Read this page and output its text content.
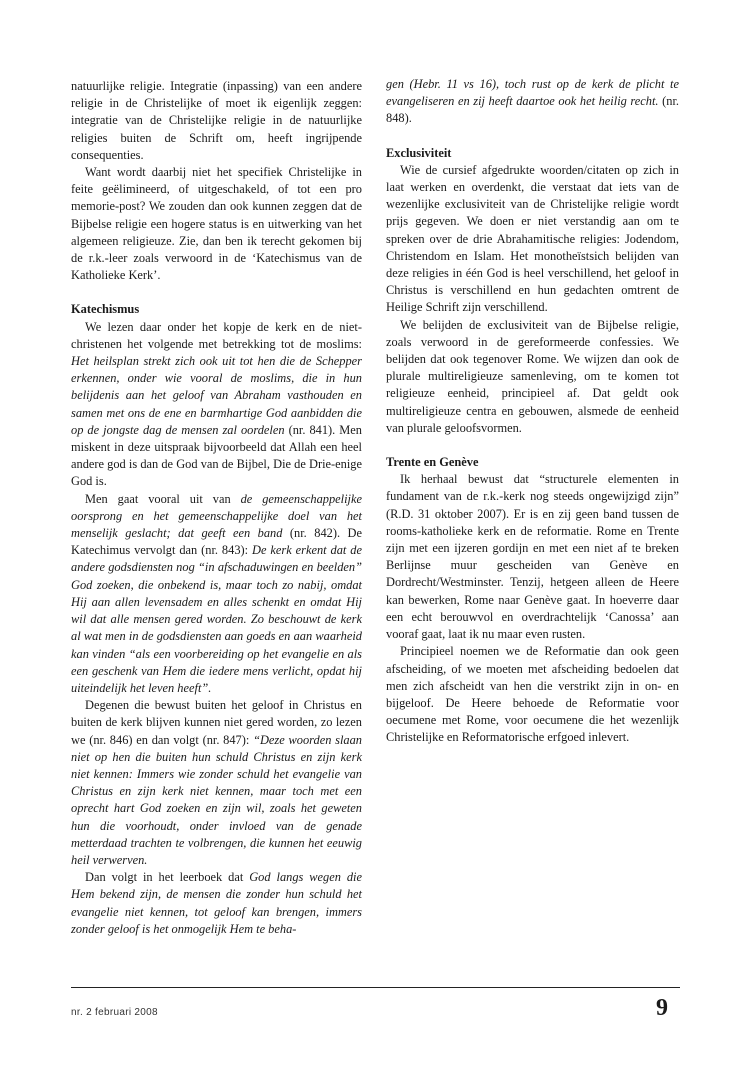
natuurlijke religie. Integratie (inpassing) van een andere religie in de Christelijke of moet ik eigenlijk zeggen: integratie van de Christelijke religie in de natuurlijke religies buiten de Schrift om, heeft ingrijpende consequenties.

Want wordt daarbij niet het specifiek Christelijke in feite geëlimineerd, of uitgeschakeld, of tot een pro memorie-post? We zouden dan ook kunnen zeggen dat de Bijbelse religie een hogere status is en uitwerking van het algemeen religieuze. Zie, dan ben ik terecht gekomen bij de r.k.-leer zoals verwoord in de ‘Katechismus van de Katholieke Kerk’.

Katechismus

We lezen daar onder het kopje de kerk en de niet-christenen het volgende met betrekking tot de moslims: Het heilsplan strekt zich ook uit tot hen die de Schepper erkennen, onder wie vooral de moslims, die in hun belijdenis aan het geloof van Abraham vasthouden en samen met ons de ene en barmhartige God aanbidden die op de jongste dag de mensen zal oordelen (nr. 841). Men miskent in deze uitspraak bijvoorbeeld dat Allah een heel andere god is dan de God van de Bijbel, Die de Drie-enige God is.

Men gaat vooral uit van de gemeenschappelijke oorsprong en het gemeenschappelijke doel van het menselijk geslacht; dat geeft een band (nr. 842). De Katechimus vervolgt dan (nr. 843): De kerk erkent dat de andere godsdiensten nog “in afschaduwingen en beelden” God zoeken, die onbekend is, maar toch zo nabij, omdat Hij aan allen levensadem en alles schenkt en omdat Hij wil dat alle mensen gered worden. Zo beschouwt de kerk al wat men in de godsdiensten aan goeds en aan waarheid kan vinden “als een voorbereiding op het evangelie en als een geschenk van Hem die iedere mens verlicht, opdat hij uiteindelijk het leven heeft”.

Degenen die bewust buiten het geloof in Christus en buiten de kerk blijven kunnen niet gered worden, zo lezen we (nr. 846) en dan volgt (nr. 847): “Deze woorden slaan niet op hen die buiten hun schuld Christus en zijn kerk niet kennen: Immers wie zonder schuld het evangelie van Christus en zijn kerk niet kennen, maar toch met een oprecht hart God zoeken en zijn wil, zoals het geweten hun die voorhoudt, onder invloed van de genade metterdaad trachten te volbrengen, die kunnen het eeuwig heil verwerven.

Dan volgt in het leerboek dat God langs wegen die Hem bekend zijn, de mensen die zonder hun schuld het evangelie niet kennen, tot geloof kan brengen, immers zonder geloof is het onmogelijk Hem te beha-

gen (Hebr. 11 vs 16), toch rust op de kerk de plicht te evangeliseren en zij heeft daartoe ook het heilig recht. (nr. 848).

Exclusiviteit

Wie de cursief afgedrukte woorden/citaten op zich in laat werken en overdenkt, die verstaat dat iets van de wezenlijke exclusiviteit van de Christelijke religie wordt prijs gegeven. We doen er niet verstandig aan om te spreken over de drie Abrahamitische religies: Jodendom, Christendom en Islam. Het monotheïstsich belijden van deze religies in één God is heel verschillend, het geloof in Christus is verschillend en hun gedachten omtrent de Heilige Schrift zijn verschillend.

We belijden de exclusiviteit van de Bijbelse religie, zoals verwoord in de gereformeerde confessies. We belijden dat ook tegenover Rome. We wijzen dan ook de plurale multireligieuze samenleving, om te komen tot religieuze eenheid, principieel af. Dat geldt ook multireligieuze centra en gebouwen, alsmede de eenheid van plurale geloofsvormen.

Trente en Genève

Ik herhaal bewust dat “structurele elementen in fundament van de r.k.-kerk nog steeds ongewijzigd zijn” (R.D. 31 oktober 2007). Er is en zij geen band tussen de rooms-katholieke kerk en de reformatie. Rome en Trente zijn met een ijzeren gordijn en met een niet af te breken Berlijnse muur gescheiden van Genève en Dordrecht/Westminster. Tenzij, hetgeen alleen de Heere kan bewerken, Rome naar Genève gaat. In hoeverre daar een echt berouwvol en overdrachtelijk ‘Canossa’ aan vooraf gaat, laat ik nu maar even rusten.

Principieel noemen we de Reformatie dan ook geen afscheiding, of we moeten met afscheiding bedoelen dat men zich afscheidt van hen die verstrikt zijn in on- en bijgeloof. De Heere behoede de Reformatie voor oecumene met Rome, voor oecumene die het wezenlijk Christelijke en Reformatorische erfgoed inlevert.

nr. 2 februari 2008	9
